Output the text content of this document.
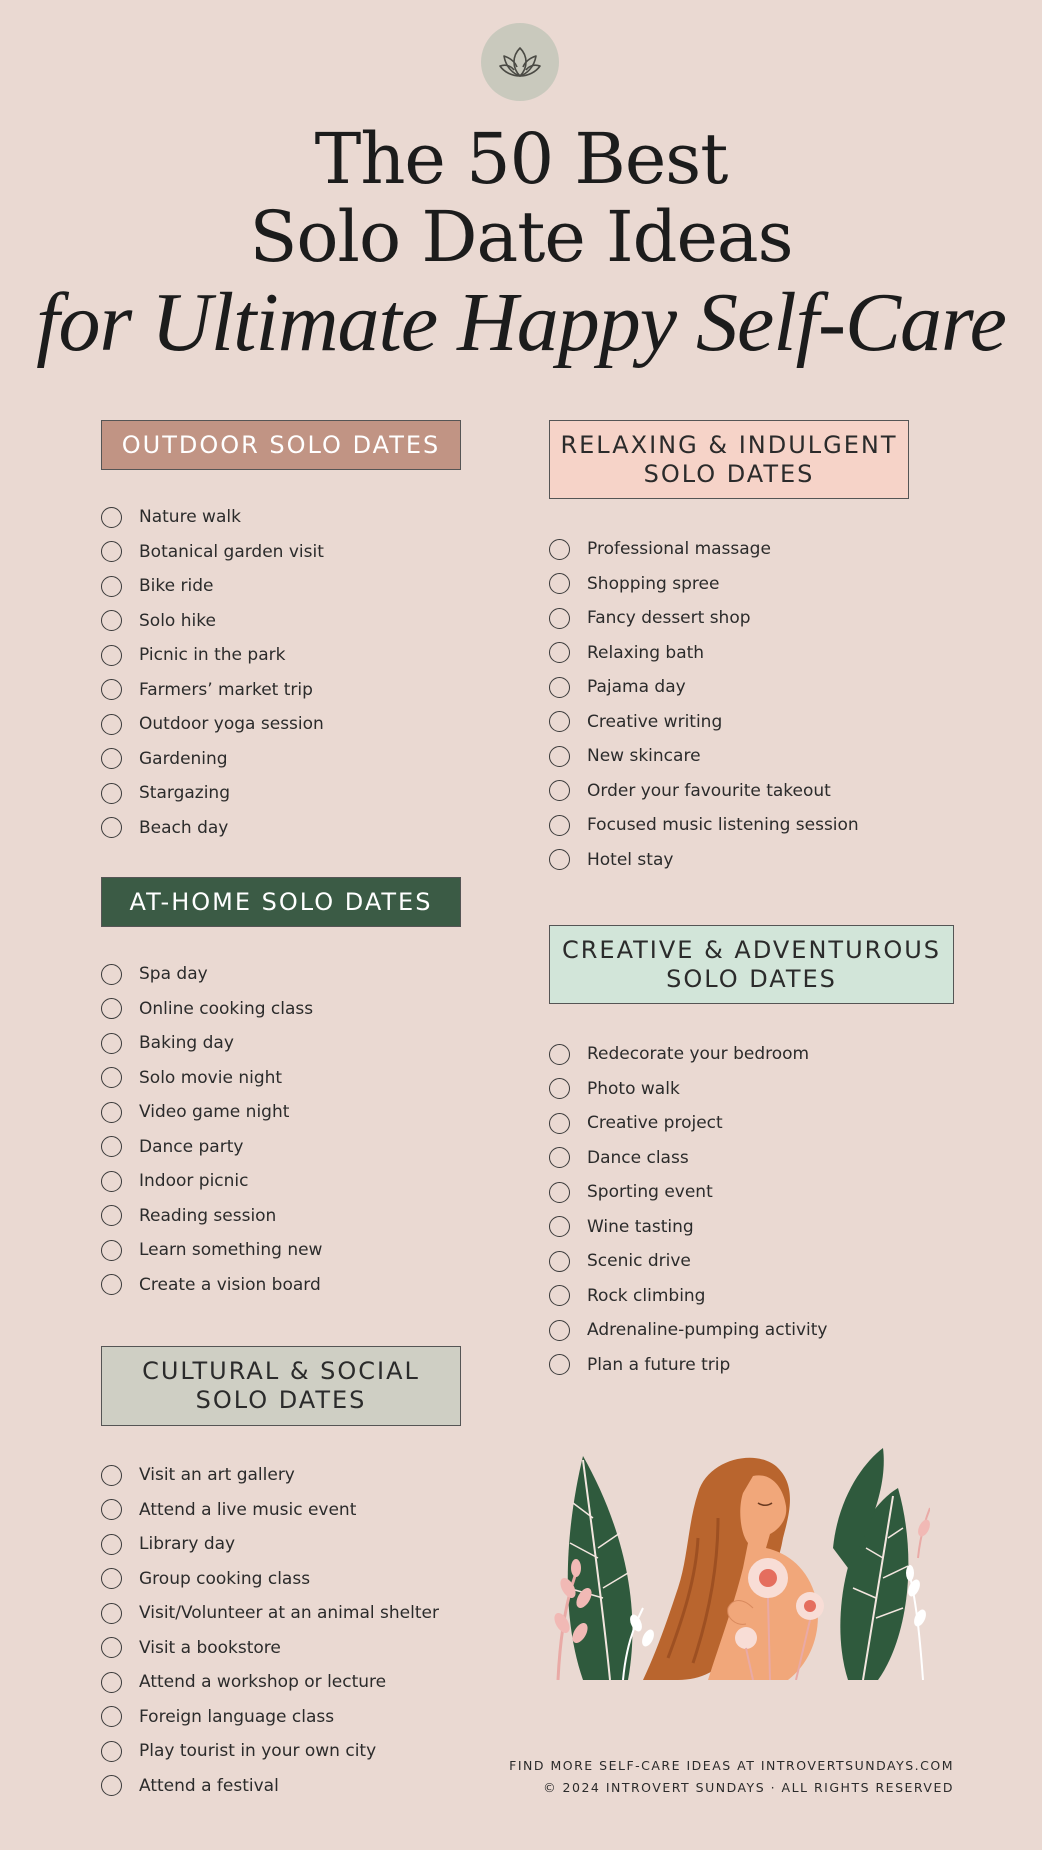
The 50 Best
Solo Date Ideas
for Ultimate Happy Self-Care
OUTDOOR SOLO DATES
Nature walk
Botanical garden visit
Bike ride
Solo hike
Picnic in the park
Farmers’ market trip
Outdoor yoga session
Gardening
Stargazing
Beach day
AT-HOME SOLO DATES
Spa day
Online cooking class
Baking day
Solo movie night
Video game night
Dance party
Indoor picnic
Reading session
Learn something new
Create a vision board
CULTURAL & SOCIAL
SOLO DATES
Visit an art gallery
Attend a live music event
Library day
Group cooking class
Visit/Volunteer at an animal shelter
Visit a bookstore
Attend a workshop or lecture
Foreign language class
Play tourist in your own city
Attend a festival
RELAXING & INDULGENT
SOLO DATES
Professional massage
Shopping spree
Fancy dessert shop
Relaxing bath
Pajama day
Creative writing
New skincare
Order your favourite takeout
Focused music listening session
Hotel stay
CREATIVE & ADVENTUROUS
SOLO DATES
Redecorate your bedroom
Photo walk
Creative project
Dance class
Sporting event
Wine tasting
Scenic drive
Rock climbing
Adrenaline-pumping activity
Plan a future trip
FIND MORE SELF-CARE IDEAS AT INTROVERTSUNDAYS.COM
© 2024 INTROVERT SUNDAYS · ALL RIGHTS RESERVED
